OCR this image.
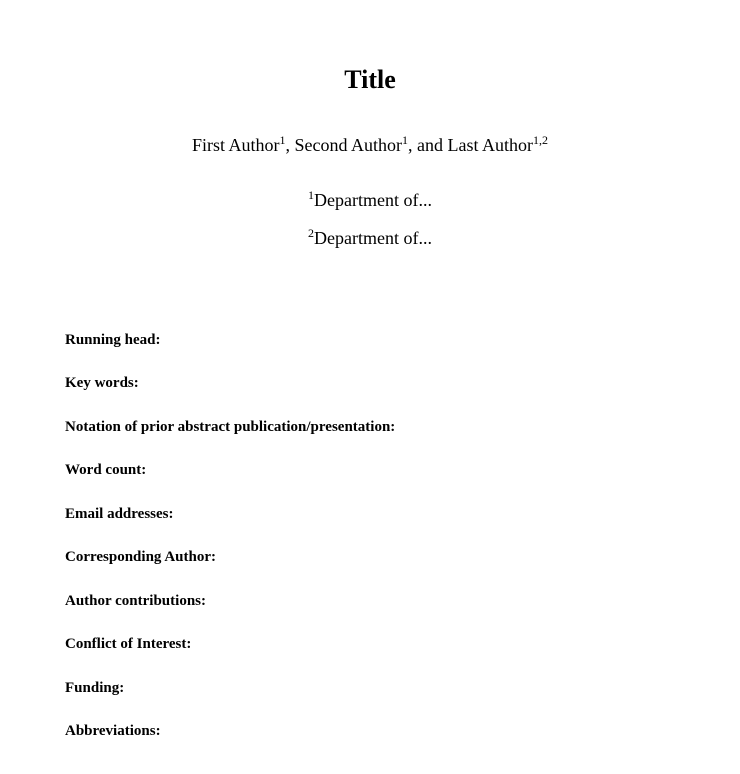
Title
First Author$^1$, Second Author$^1$, and Last Author$^{1,2}$
$^1$Department of...
$^2$Department of...
Running head:
Key words:
Notation of prior abstract publication/presentation:
Word count:
Email addresses:
Corresponding Author:
Author contributions:
Conflict of Interest:
Funding:
Abbreviations:
